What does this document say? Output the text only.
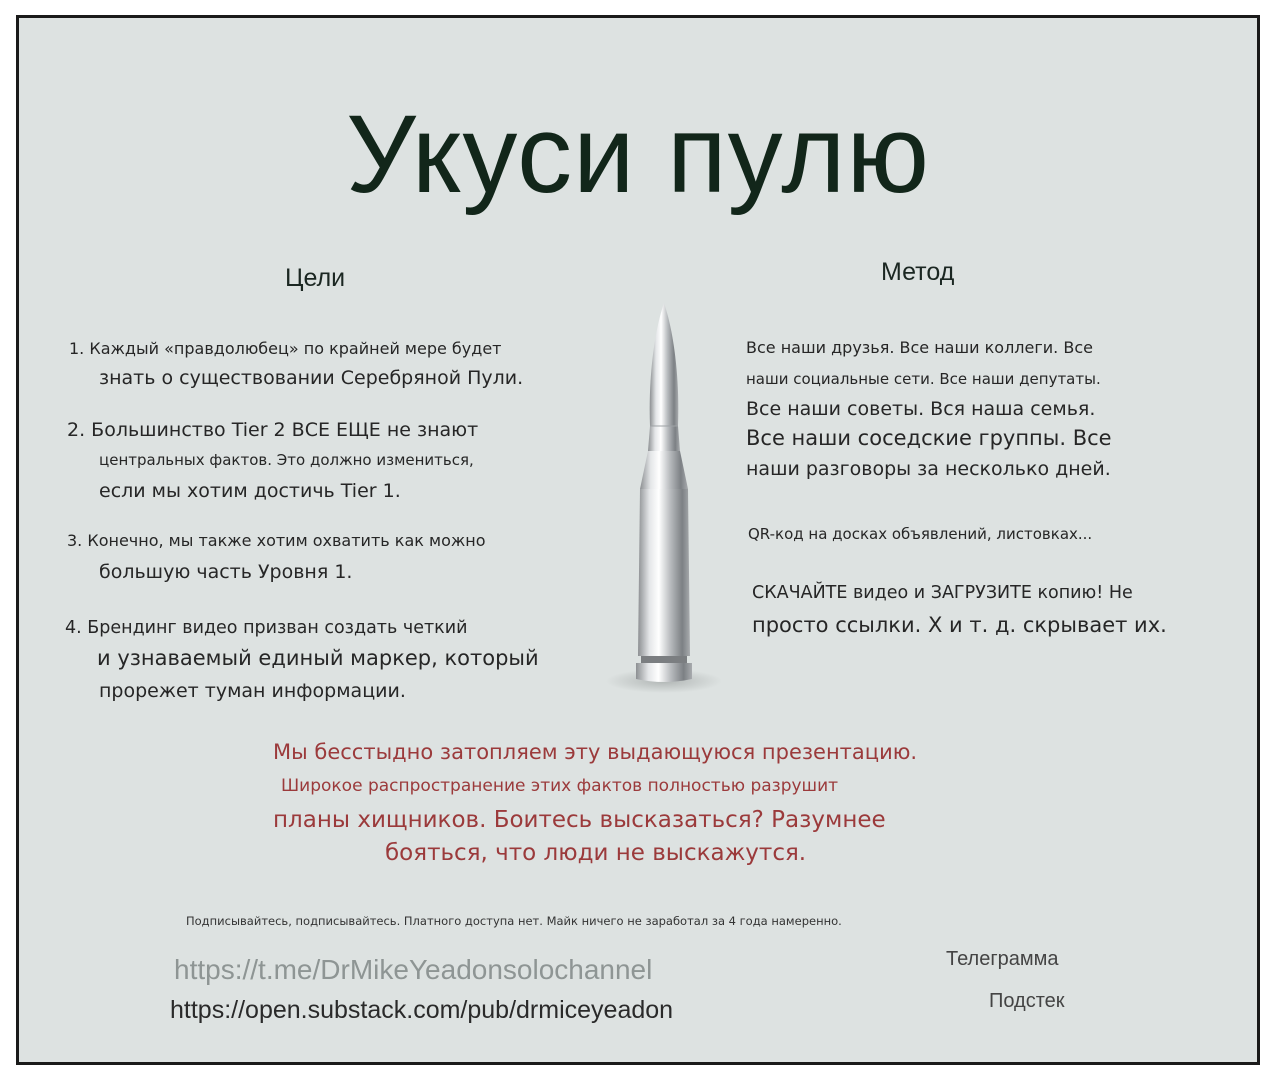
Укуси пулю
Цели	Метод
1. Каждый «правдолюбец» по крайней мере будет
знать о существовании Серебряной Пули.
2. Большинство Tier 2 ВСЕ ЕЩЕ не знают
центральных фактов. Это должно измениться,
если мы хотим достичь Tier 1.
3. Конечно, мы также хотим охватить как можно
большую часть Уровня 1.
4. Брендинг видео призван создать четкий
и узнаваемый единый маркер, который
прорежет туман информации.
Все наши друзья. Все наши коллеги. Все
наши социальные сети. Все наши депутаты.
Все наши советы. Вся наша семья.
Все наши соседские группы. Все
наши разговоры за несколько дней.
QR-код на досках объявлений, листовках...
СКАЧАЙТЕ видео и ЗАГРУЗИТЕ копию! Не
просто ссылки. X и т. д. скрывает их.
Мы бесстыдно затопляем эту выдающуюся презентацию.
Широкое распространение этих фактов полностью разрушит
планы хищников. Боитесь высказаться? Разумнее
бояться, что люди не выскажутся.
Подписывайтесь, подписывайтесь. Платного доступа нет. Майк ничего не заработал за 4 года намеренно.
https://t.me/DrMikeYeadonsolochannel
https://open.substack.com/pub/drmiceyeadon
Телеграмма
Подстек
